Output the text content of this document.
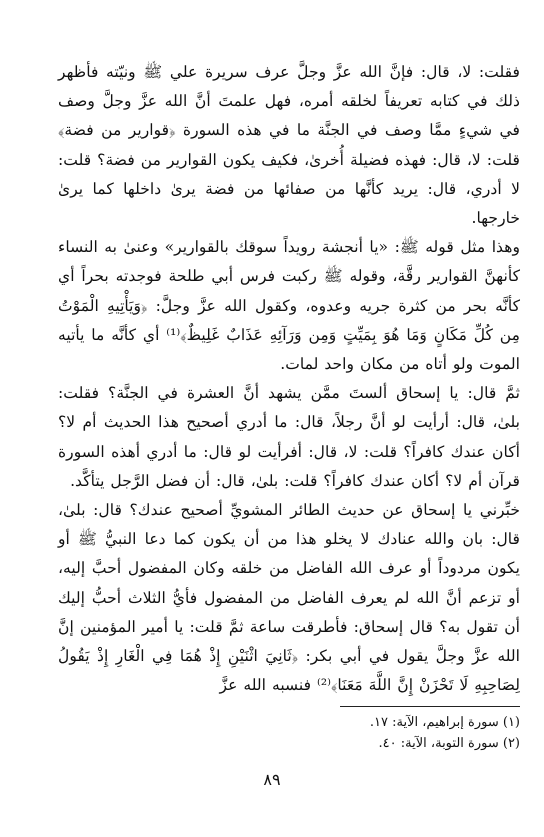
فقلت: لا، قال: فإنَّ الله عزَّ وجلَّ عرف سريرة علي ﷺ ونيّته فأظهر ذلك في كتابه تعريفاً لخلقه أمره، فهل علمتَ أنَّ الله عزَّ وجلَّ وصف في شيءٍ ممَّا وصف في الجنَّة ما في هذه السورة ﴿قوارير من فضة﴾ قلت: لا، قال: فهذه فضيلة أُخرىٰ، فكيف يكون القوارير من فضة؟ قلت: لا أدري، قال: يريد كأنَّها من صفائها من فضة يرىٰ داخلها كما يرىٰ خارجها.

وهذا مثل قوله ﷺ: «يا أنجشة رويداً سوقك بالقوارير» وعنىٰ به النساء كأنهنَّ القوارير رقَّة، وقوله ﷺ ركبت فرس أبي طلحة فوجدته بحراً أي كأنَّه بحر من كثرة جريه وعدوه، وكقول الله عزَّ وجلَّ: ﴿وَيَأْتِيهِ الْمَوْتُ مِن كُلِّ مَكَانٍ وَمَا هُوَ بِمَيِّتٍ وَمِن وَرَآئِهِ عَذَابٌ غَلِيظٌ﴾⁽¹⁾ أي كأنَّه ما يأتيه الموت ولو أتاه من مكان واحد لمات.

ثمَّ قال: يا إسحاق ألستَ ممَّن يشهد أنَّ العشرة في الجنَّة؟ فقلت: بلىٰ، قال: أرأيت لو أنَّ رجلاً، قال: ما أدري أصحيح هذا الحديث أم لا؟ أكان عندك كافراً؟ قلت: لا، قال: أفرأيت لو قال: ما أدري أهذه السورة قرآن أم لا؟ أكان عندك كافراً؟ قلت: بلىٰ، قال: أن فضل الرَّجل يتأكَّد.

خبِّرني يا إسحاق عن حديث الطائر المشويِّ أصحيح عندك؟ قال: بلىٰ، قال: بان والله عنادك لا يخلو هذا من أن يكون كما دعا النبيُّ ﷺ أو يكون مردوداً أو عرف الله الفاضل من خلقه وكان المفضول أحبَّ إليه، أو تزعم أنَّ الله لم يعرف الفاضل من المفضول فأيُّ الثلاث أحبُّ إليك أن تقول به؟ قال إسحاق: فأطرقت ساعة ثمَّ قلت: يا أمير المؤمنين إنَّ الله عزَّ وجلَّ يقول في أبي بكر: ﴿ثَانِيَ اثْنَيْنِ إِذْ هُمَا فِي الْغَارِ إِذْ يَقُولُ لِصَاحِبِهِ لَا تَحْزَنْ إِنَّ اللَّهَ مَعَنَا﴾⁽²⁾ فنسبه الله عزَّ

(١) سورة إبراهيم، الآية: ١٧.

(٢) سورة التوبة، الآية: ٤٠.

٨٩
